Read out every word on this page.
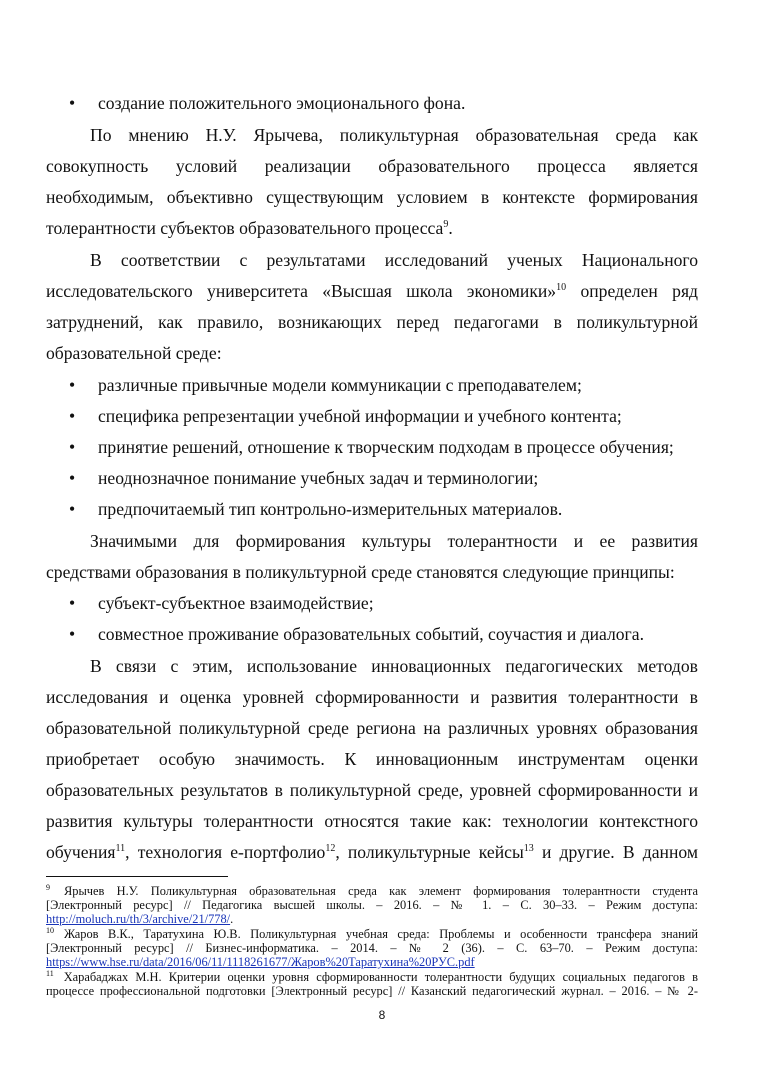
• создание положительного эмоционального фона.
По мнению Н.У. Ярычева, поликультурная образовательная среда как
совокупность условий реализации образовательного процесса является
необходимым, объективно существующим условием в контексте формирования
толерантности субъектов образовательного процесса$^9$.
В соответствии с результатами исследований ученых Национального
исследовательского университета «Высшая школа экономики»$^{10}$ определен ряд
затруднений, как правило, возникающих перед педагогами в поликультурной
образовательной среде:
• различные привычные модели коммуникации с преподавателем;
• специфика репрезентации учебной информации и учебного контента;
• принятие решений, отношение к творческим подходам в процессе обучения;
• неоднозначное понимание учебных задач и терминологии;
• предпочитаемый тип контрольно-измерительных материалов.
Значимыми для формирования культуры толерантности и ее развития
средствами образования в поликультурной среде становятся следующие принципы:
• субъект-субъектное взаимодействие;
• совместное проживание образовательных событий, соучастия и диалога.
В связи с этим, использование инновационных педагогических методов
исследования и оценка уровней сформированности и развития толерантности в
образовательной поликультурной среде региона на различных уровнях образования
приобретает особую значимость. К инновационным инструментам оценки
образовательных результатов в поликультурной среде, уровней сформированности и
развития культуры толерантности относятся такие как: технологии контекстного
обучения$^{11}$, технология е-портфолио$^{12}$, поликультурные кейсы$^{13}$ и другие. В данном
$^9$ Ярычев Н.У. Поликультурная образовательная среда как элемент формирования толерантности студента
[Электронный ресурс] // Педагогика высшей школы. – 2016. – № 1. – С. 30–33. – Режим доступа:
http://moluch.ru/th/3/archive/21/778/.
$^{10}$ Жаров В.К., Таратухина Ю.В. Поликультурная учебная среда: Проблемы и особенности трансфера знаний
[Электронный ресурс] // Бизнес-информатика. – 2014. – № 2 (36). – С. 63–70. – Режим доступа:
https://www.hse.ru/data/2016/06/11/1118261677/Жаров%20Таратухина%20РУС.pdf
$^{11}$ Харабаджах М.Н. Критерии оценки уровня сформированности толерантности будущих социальных педагогов в
процессе профессиональной подготовки [Электронный ресурс] // Казанский педагогический журнал. – 2016. – № 2-
8
